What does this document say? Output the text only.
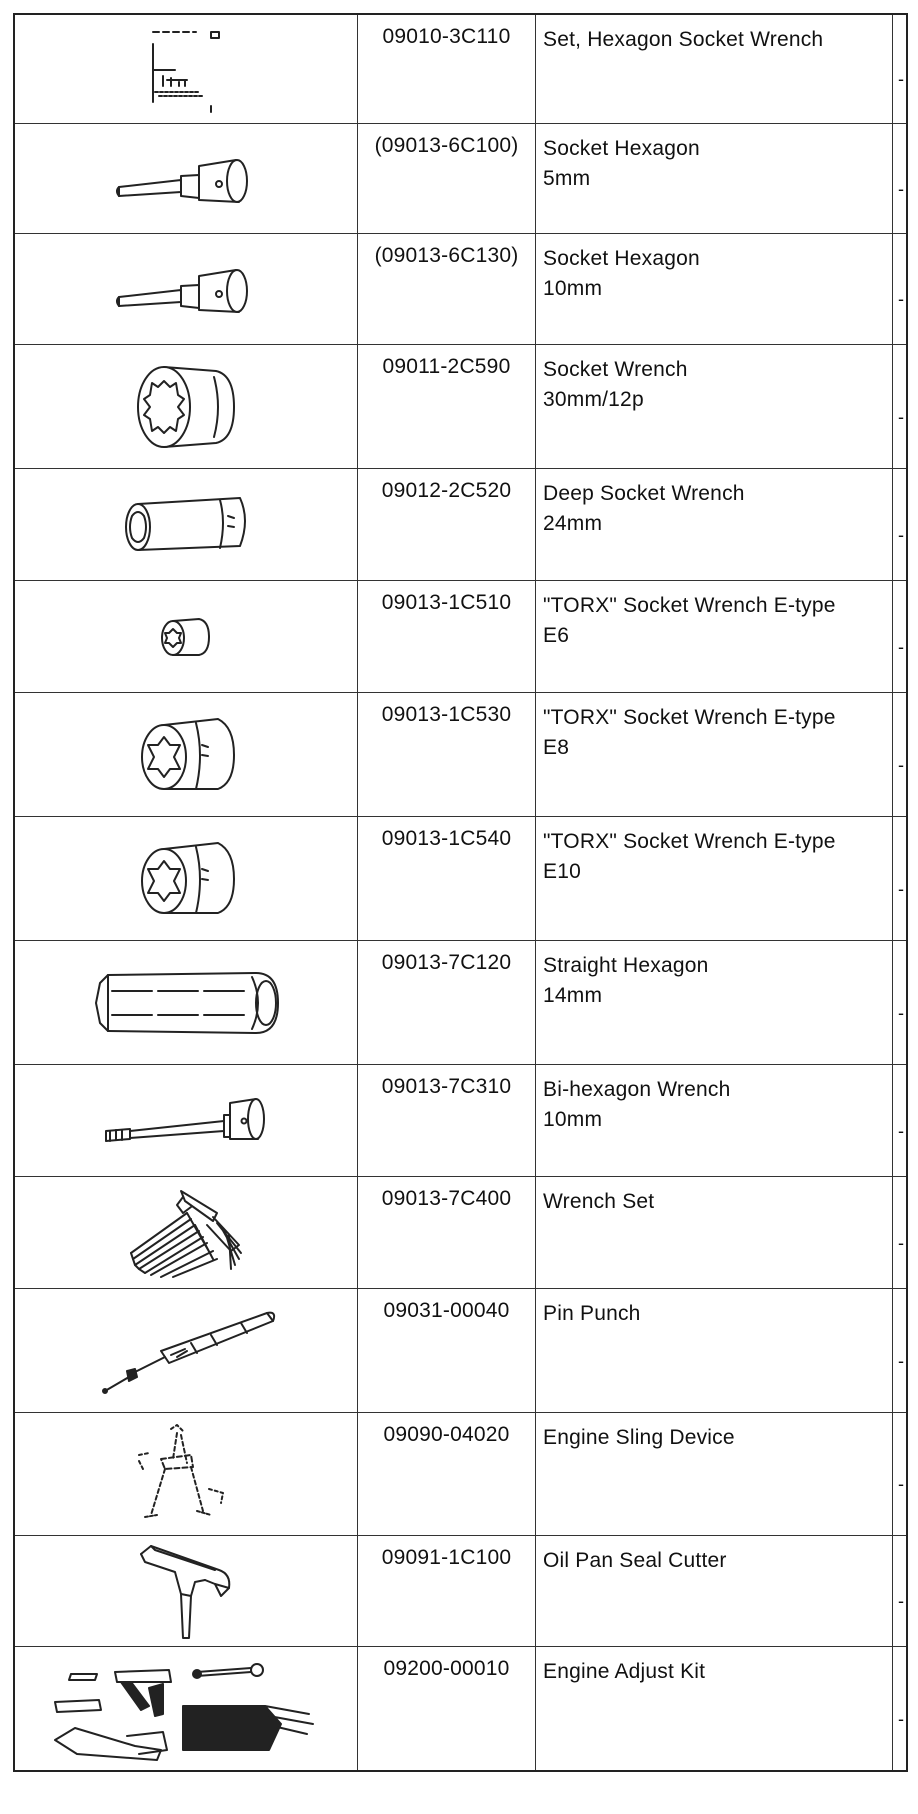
09010-3C110	Set, Hexagon Socket Wrench
-
(09013-6C100)	Socket Hexagon
5mm	-
(09013-6C130)	Socket Hexagon
10mm	-
09011-2C590	Socket Wrench
30mm/12p
-
09012-2C520	Deep Socket Wrench
24mm	-
09013-1C510	"TORX" Socket Wrench E-type
E6	-
09013-1C530	"TORX" Socket Wrench E-type
E8
-
09013-1C540	"TORX" Socket Wrench E-type
E10
-
09013-7C120	Straight Hexagon
14mm
-
09013-7C310	Bi-hexagon Wrench
10mm	-
09013-7C400	Wrench Set
-
09031-00040	Pin Punch
-
09090-04020	Engine Sling Device
-
09091-1C100	Oil Pan Seal Cutter
-
09200-00010	Engine Adjust Kit
-
